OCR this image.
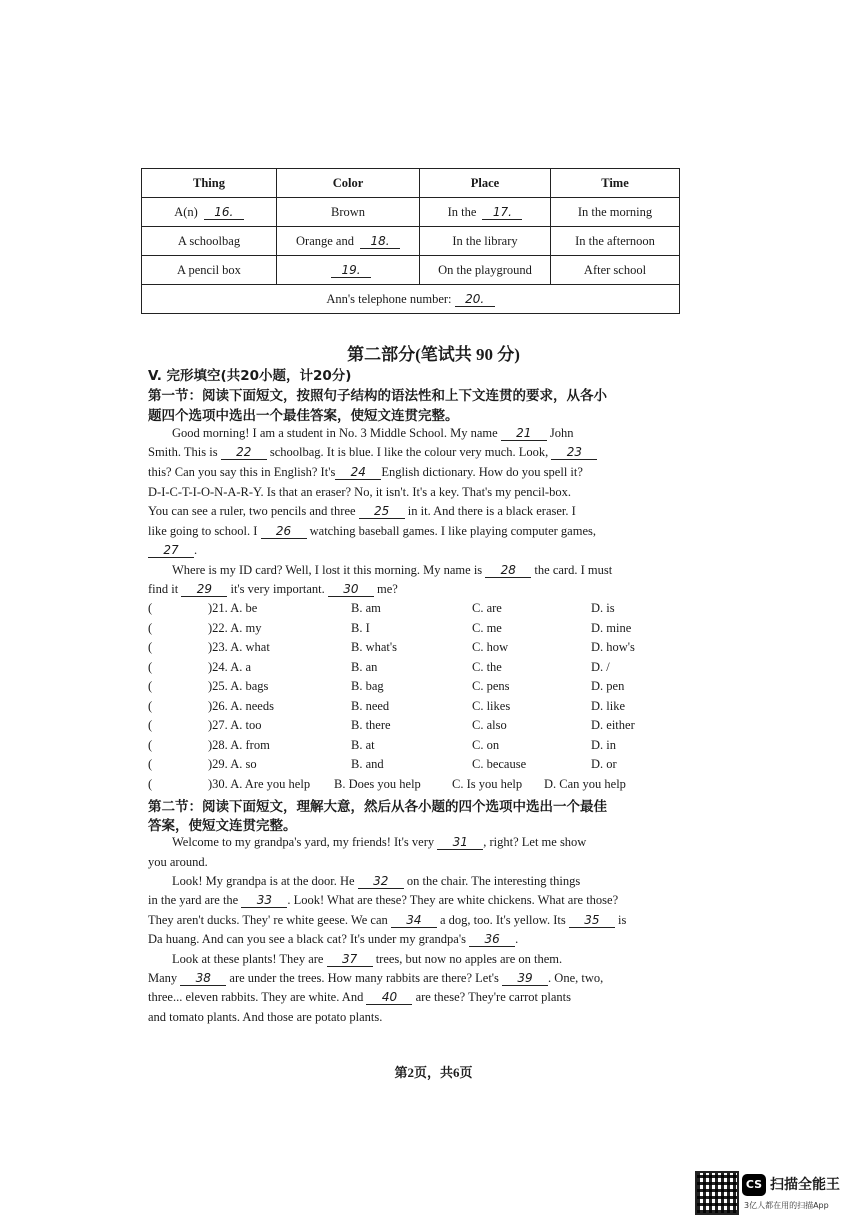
Thing	Color	Place	Time
A(n) 16.	Brown	In the 17.	In the morning
A schoolbag	Orange and 18.	In the library	In the afternoon
A pencil box	19.	On the playground	After school
Ann's telephone number: 20.			
第二部分(笔试共 90 分)
V. 完形填空(共20小题，计20分)
第一节：阅读下面短文，按照句子结构的语法性和上下文连贯的要求，从各小
题四个选项中选出一个最佳答案，使短文连贯完整。
Good morning! I am a student in No. 3 Middle School. My name 21 John
Smith. This is 22 schoolbag. It is blue. I like the colour very much. Look, 23
this? Can you say this in English? It's 24 English dictionary. How do you spell it?
D-I-C-T-I-O-N-A-R-Y. Is that an eraser? No, it isn't. It's a key. That's my pencil-box.
You can see a ruler, two pencils and three 25 in it. And there is a black eraser. I
like going to school. I 26 watching baseball games. I like playing computer games,
27 .
Where is my ID card? Well, I lost it this morning. My name is 28 the card. I must
find it 29 it's very important. 30 me?
(	)21. A. be	B. am	C. are	D. is
(	)22. A. my	B. I	C. me	D. mine
(	)23. A. what	B. what's	C. how	D. how's
(	)24. A. a	B. an	C. the	D. /
(	)25. A. bags	B. bag	C. pens	D. pen
(	)26. A. needs	B. need	C. likes	D. like
(	)27. A. too	B. there	C. also	D. either
(	)28. A. from	B. at	C. on	D. in
(	)29. A. so	B. and	C. because	D. or
(	)30. A. Are you help B. Does you help C. Is you help D. Can you help
第二节：阅读下面短文，理解大意，然后从各小题的四个选项中选出一个最佳
答案，使短文连贯完整。
Welcome to my grandpa's yard, my friends! It's very 31 , right? Let me show
you around.
Look! My grandpa is at the door. He 32 on the chair. The interesting things
in the yard are the 33 . Look! What are these? They are white chickens. What are those?
They aren't ducks. They' re white geese. We can 34 a dog, too. It's yellow. Its 35 is
Da huang. And can you see a black cat? It's under my grandpa's 36 .
Look at these plants! They are 37 trees, but now no apples are on them.
Many 38 are under the trees. How many rabbits are there? Let's 39 . One, two,
three... eleven rabbits. They are white. And 40 are these? They're carrot plants
and tomato plants. And those are potato plants.
第2页，共6页
CS 扫描全能王
3亿人都在用的扫描App
